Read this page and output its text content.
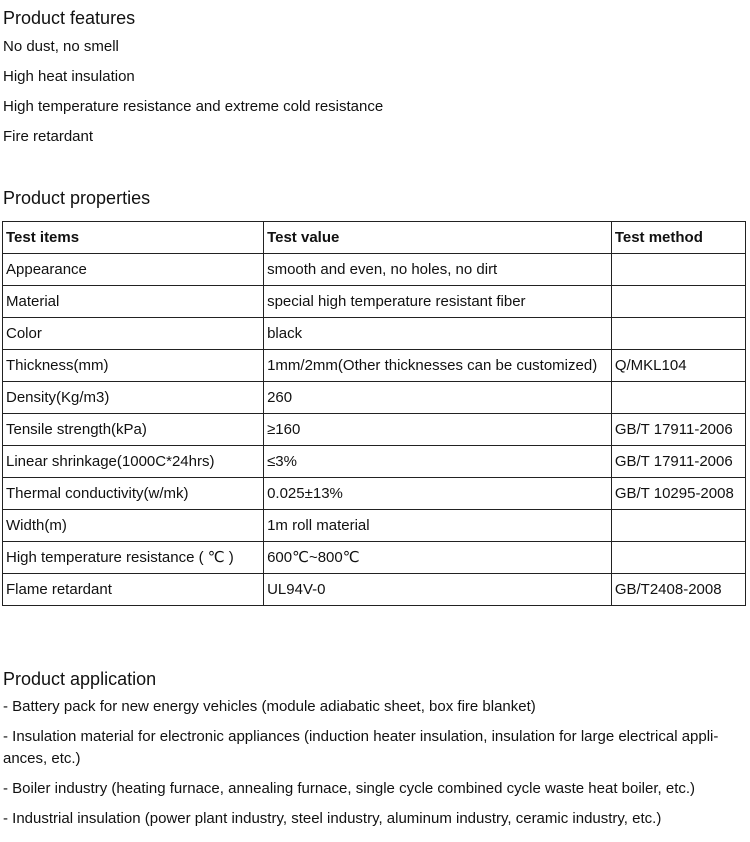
Product features

No dust, no smell

High heat insulation

High temperature resistance and extreme cold resistance

Fire retardant

Product properties
Test items	Test value	Test method
Appearance	smooth and even, no holes, no dirt	
Material	special high temperature resistant fiber	
Color	black	
Thickness(mm)	1mm/2mm(Other thicknesses can be customized)	Q/MKL104
Density(Kg/m3)	260	
Tensile strength(kPa)	≥160	GB/T 17911-2006
Linear shrinkage(1000C*24hrs)	≤3%	GB/T 17911-2006
Thermal conductivity(w/mk)	0.025±13%	GB/T 10295-2008
Width(m)	1m roll material	
High temperature resistance ( ℃ )	600℃~800℃	
Flame retardant	UL94V-0	GB/T2408-2008
Product application

- Battery pack for new energy vehicles (module adiabatic sheet, box fire blanket)

- Insulation material for electronic appliances (induction heater insulation, insulation for large electrical appli-

ances, etc.)

- Boiler industry (heating furnace, annealing furnace, single cycle combined cycle waste heat boiler, etc.)

- Industrial insulation (power plant industry, steel industry, aluminum industry, ceramic industry, etc.)
